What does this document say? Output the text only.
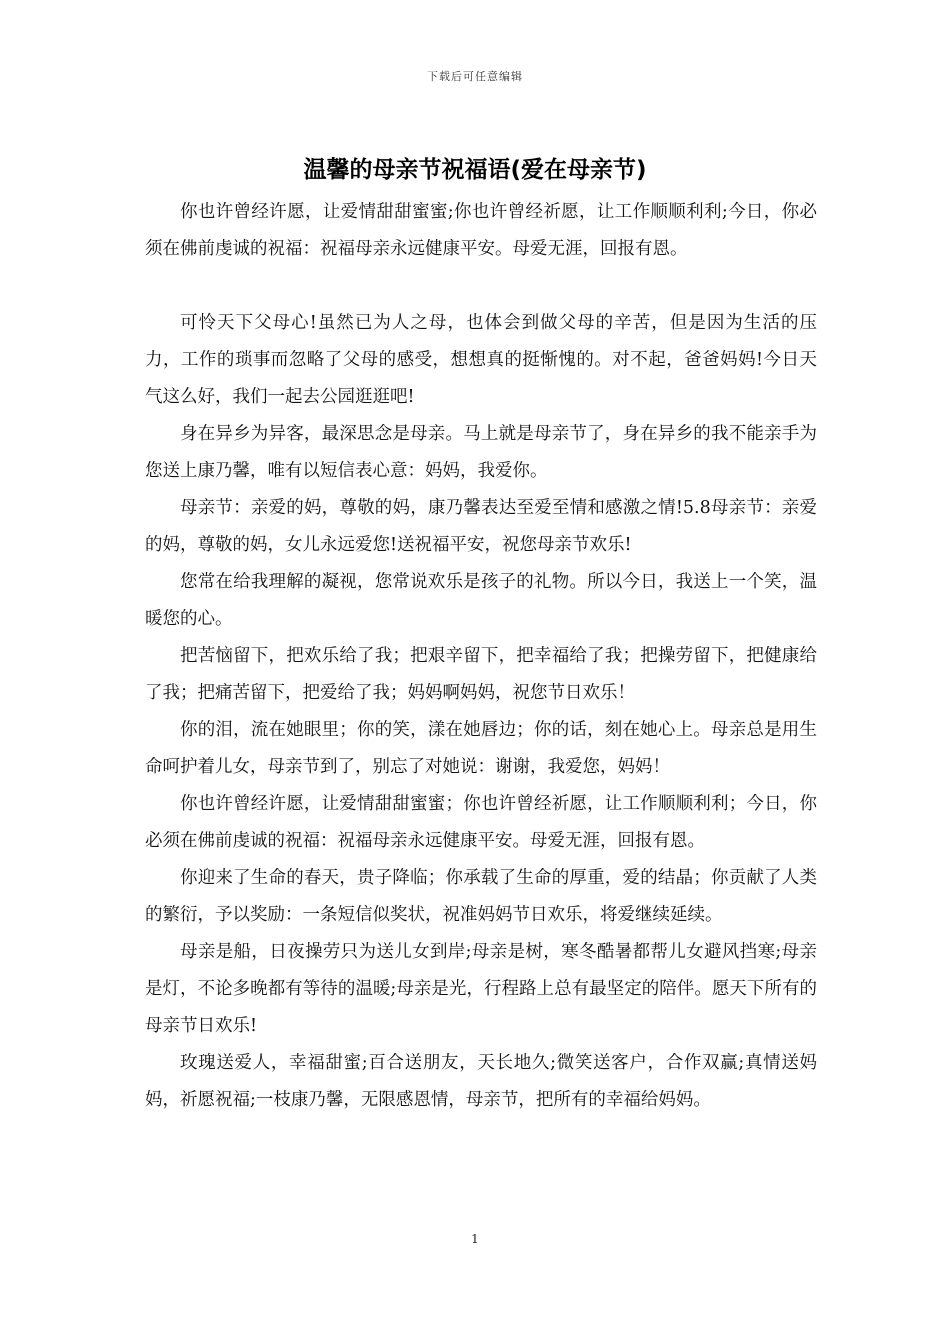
下载后可任意编辑
温馨的母亲节祝福语(爱在母亲节)

你也许曾经许愿，让爱情甜甜蜜蜜;你也许曾经祈愿，让工作顺顺利利;今日，你必须在佛前虔诚的祝福：祝福母亲永远健康平安。母爱无涯，回报有恩。

可怜天下父母心!虽然已为人之母，也体会到做父母的辛苦，但是因为生活的压力，工作的琐事而忽略了父母的感受，想想真的挺惭愧的。对不起，爸爸妈妈!今日天气这么好，我们一起去公园逛逛吧!

身在异乡为异客，最深思念是母亲。马上就是母亲节了，身在异乡的我不能亲手为您送上康乃馨，唯有以短信表心意：妈妈，我爱你。

母亲节：亲爱的妈，尊敬的妈，康乃馨表达至爱至情和感激之情!5.8母亲节：亲爱的妈，尊敬的妈，女儿永远爱您!送祝福平安，祝您母亲节欢乐!

您常在给我理解的凝视，您常说欢乐是孩子的礼物。所以今日，我送上一个笑，温暖您的心。

把苦恼留下，把欢乐给了我；把艰辛留下，把幸福给了我；把操劳留下，把健康给了我；把痛苦留下，把爱给了我；妈妈啊妈妈，祝您节日欢乐！

你的泪，流在她眼里；你的笑，漾在她唇边；你的话，刻在她心上。母亲总是用生命呵护着儿女，母亲节到了，别忘了对她说：谢谢，我爱您，妈妈！

你也许曾经许愿，让爱情甜甜蜜蜜；你也许曾经祈愿，让工作顺顺利利；今日，你必须在佛前虔诚的祝福：祝福母亲永远健康平安。母爱无涯，回报有恩。

你迎来了生命的春天，贵子降临；你承载了生命的厚重，爱的结晶；你贡献了人类的繁衍，予以奖励：一条短信似奖状，祝准妈妈节日欢乐，将爱继续延续。

母亲是船，日夜操劳只为送儿女到岸;母亲是树，寒冬酷暑都帮儿女避风挡寒;母亲是灯，不论多晚都有等待的温暖;母亲是光，行程路上总有最坚定的陪伴。愿天下所有的母亲节日欢乐!

玫瑰送爱人，幸福甜蜜;百合送朋友，天长地久;微笑送客户，合作双赢;真情送妈妈，祈愿祝福;一枝康乃馨，无限感恩情，母亲节，把所有的幸福给妈妈。

1
